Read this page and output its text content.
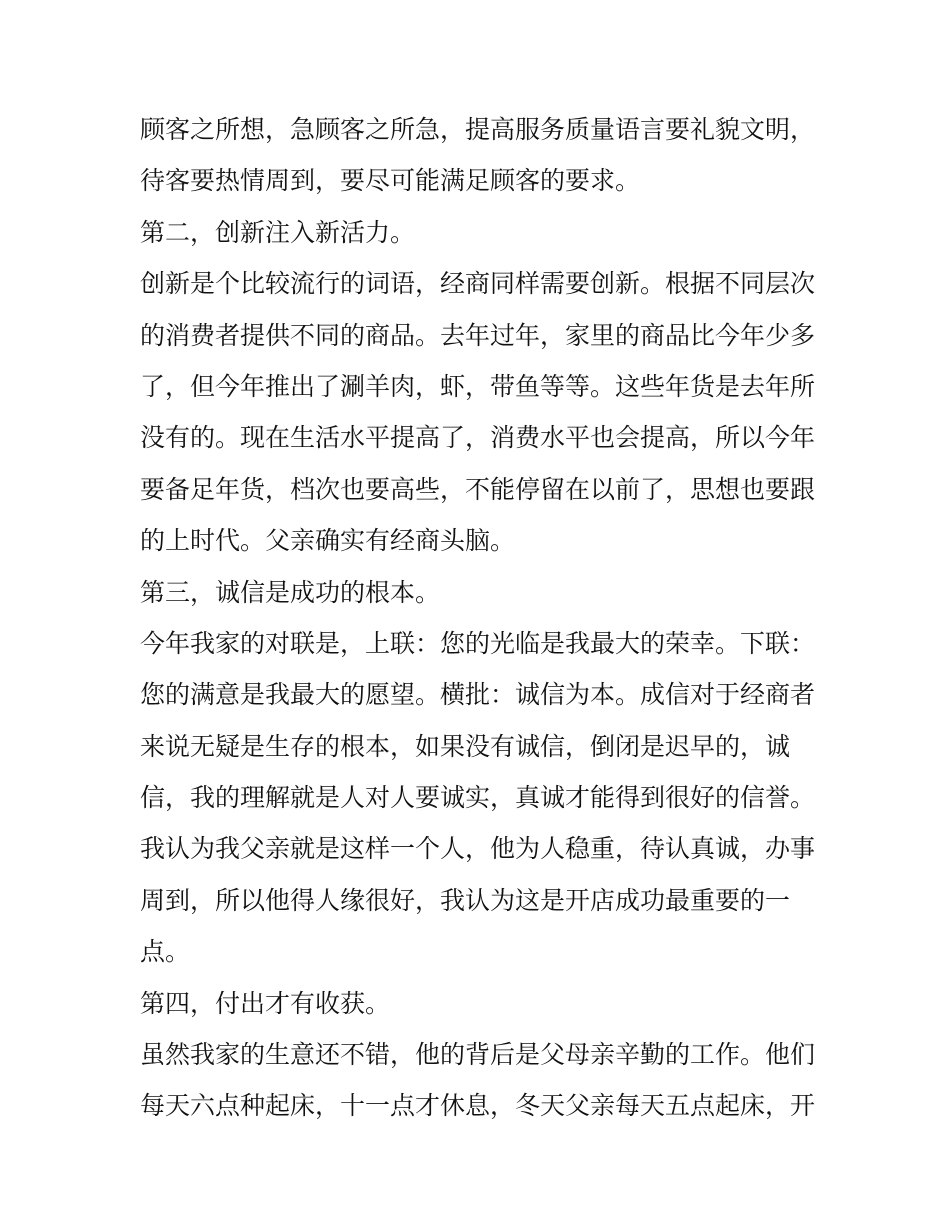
顾客之所想，急顾客之所急，提高服务质量语言要礼貌文明，
待客要热情周到，要尽可能满足顾客的要求。
第二，创新注入新活力。
创新是个比较流行的词语，经商同样需要创新。根据不同层次
的消费者提供不同的商品。去年过年，家里的商品比今年少多
了，但今年推出了涮羊肉，虾，带鱼等等。这些年货是去年所
没有的。现在生活水平提高了，消费水平也会提高，所以今年
要备足年货，档次也要高些，不能停留在以前了，思想也要跟
的上时代。父亲确实有经商头脑。
第三，诚信是成功的根本。
今年我家的对联是，上联：您的光临是我最大的荣幸。下联：
您的满意是我最大的愿望。横批：诚信为本。成信对于经商者
来说无疑是生存的根本，如果没有诚信，倒闭是迟早的，诚
信，我的理解就是人对人要诚实，真诚才能得到很好的信誉。
我认为我父亲就是这样一个人，他为人稳重，待认真诚，办事
周到，所以他得人缘很好，我认为这是开店成功最重要的一
点。
第四，付出才有收获。
虽然我家的生意还不错，他的背后是父母亲辛勤的工作。他们
每天六点种起床，十一点才休息，冬天父亲每天五点起床，开
